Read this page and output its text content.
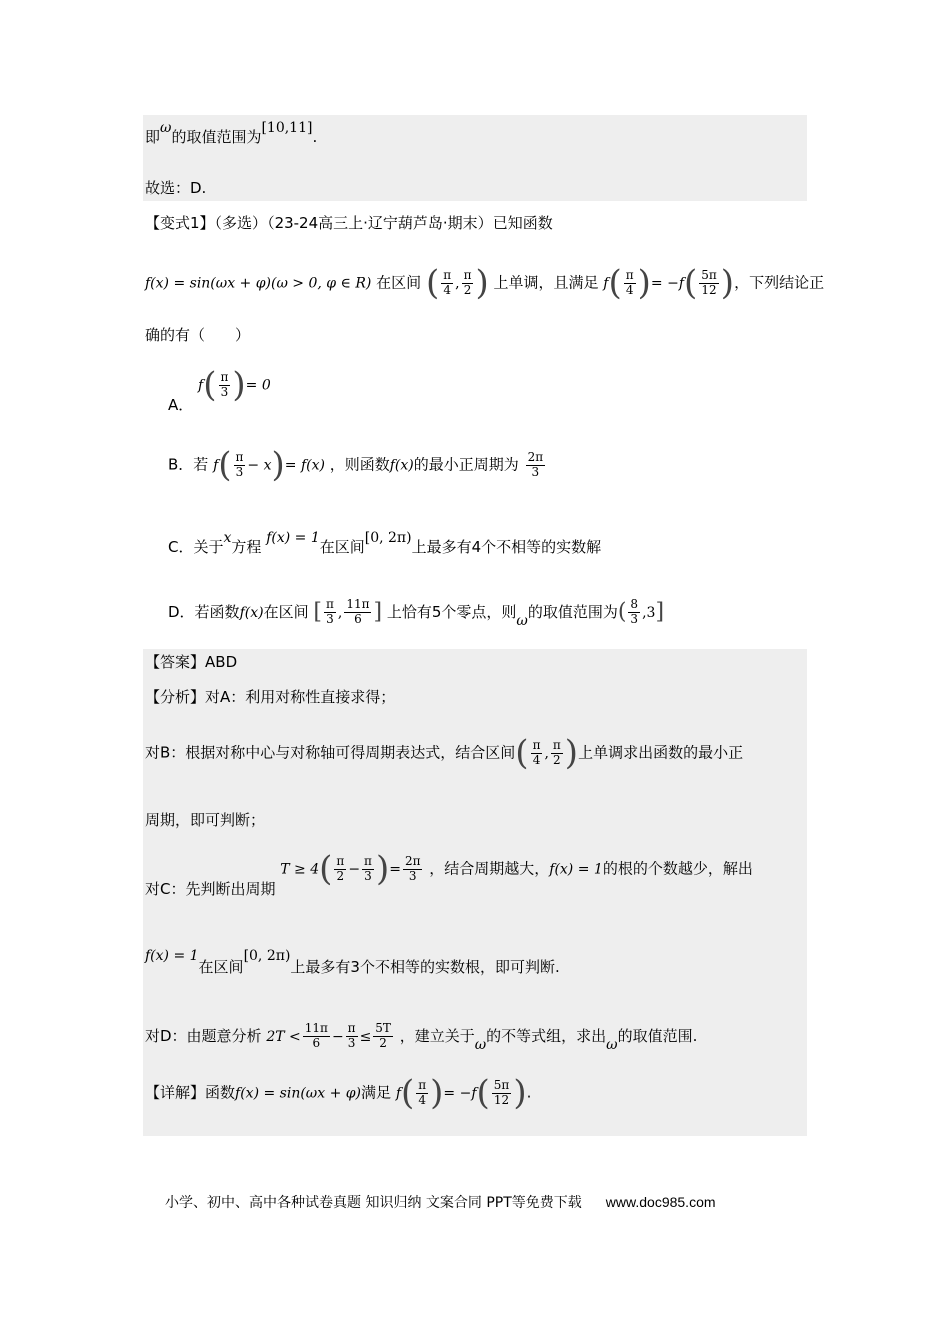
即ω的取值范围为[10,11].
故选：D.
【变式1】（多选）（23-24高三上·辽宁葫芦岛·期末）已知函数
f(x) = sin(ωx + φ)(ω > 0, φ ∈ R) 在区间 ( $\frac{\pi}{4}$ , $\frac{\pi}{2}$ ) 上单调，且满足 $f( \frac{\pi}{4}$ )= $-f( \frac{5\pi}{12}$ )，下列结论正
确的有（　　）
A． $f( \frac{\pi}{3}$ )= 0
B．若 $f( \frac{\pi}{3} - x)= f(x)$ ，则函数f(x)的最小正周期为 $\frac{2\pi}{3}$
C．关于x方程 f(x) = 1在区间[0, 2π)上最多有4个不相等的实数解
D．若函数f(x)在区间 [ $\frac{\pi}{3}$ , $\frac{11\pi}{6}$ ] 上恰有5个零点，则ω的取值范围为( $\frac{8}{3} ,3$]
【答案】ABD
【分析】对A：利用对称性直接求得；
对B：根据对称中心与对称轴可得周期表达式，结合区间( $\frac{\pi}{4}$ , $\frac{\pi}{2}$ )上单调求出函数的最小正
周期，即可判断；
对C：先判断出周期 $T \ge 4( \frac{\pi}{2} - \frac{\pi}{3}$ )= $\frac{2\pi}{3}$ ，结合周期越大，f(x) = 1的根的个数越少，解出
f(x) = 1在区间[0, 2π)上最多有3个不相等的实数根，即可判断.
对D：由题意分析 $2T < \frac{11\pi}{6} - \frac{\pi}{3} \le \frac{5T}{2}$ ，建立关于ω的不等式组，求出ω的取值范围.
【详解】函数f(x) = sin(ωx + φ)满足 $f( \frac{\pi}{4}$ )= $-f( \frac{5\pi}{12}$ ).
小学、初中、高中各种试卷真题 知识归纳 文案合同 PPT等免费下载 www.doc985.com
